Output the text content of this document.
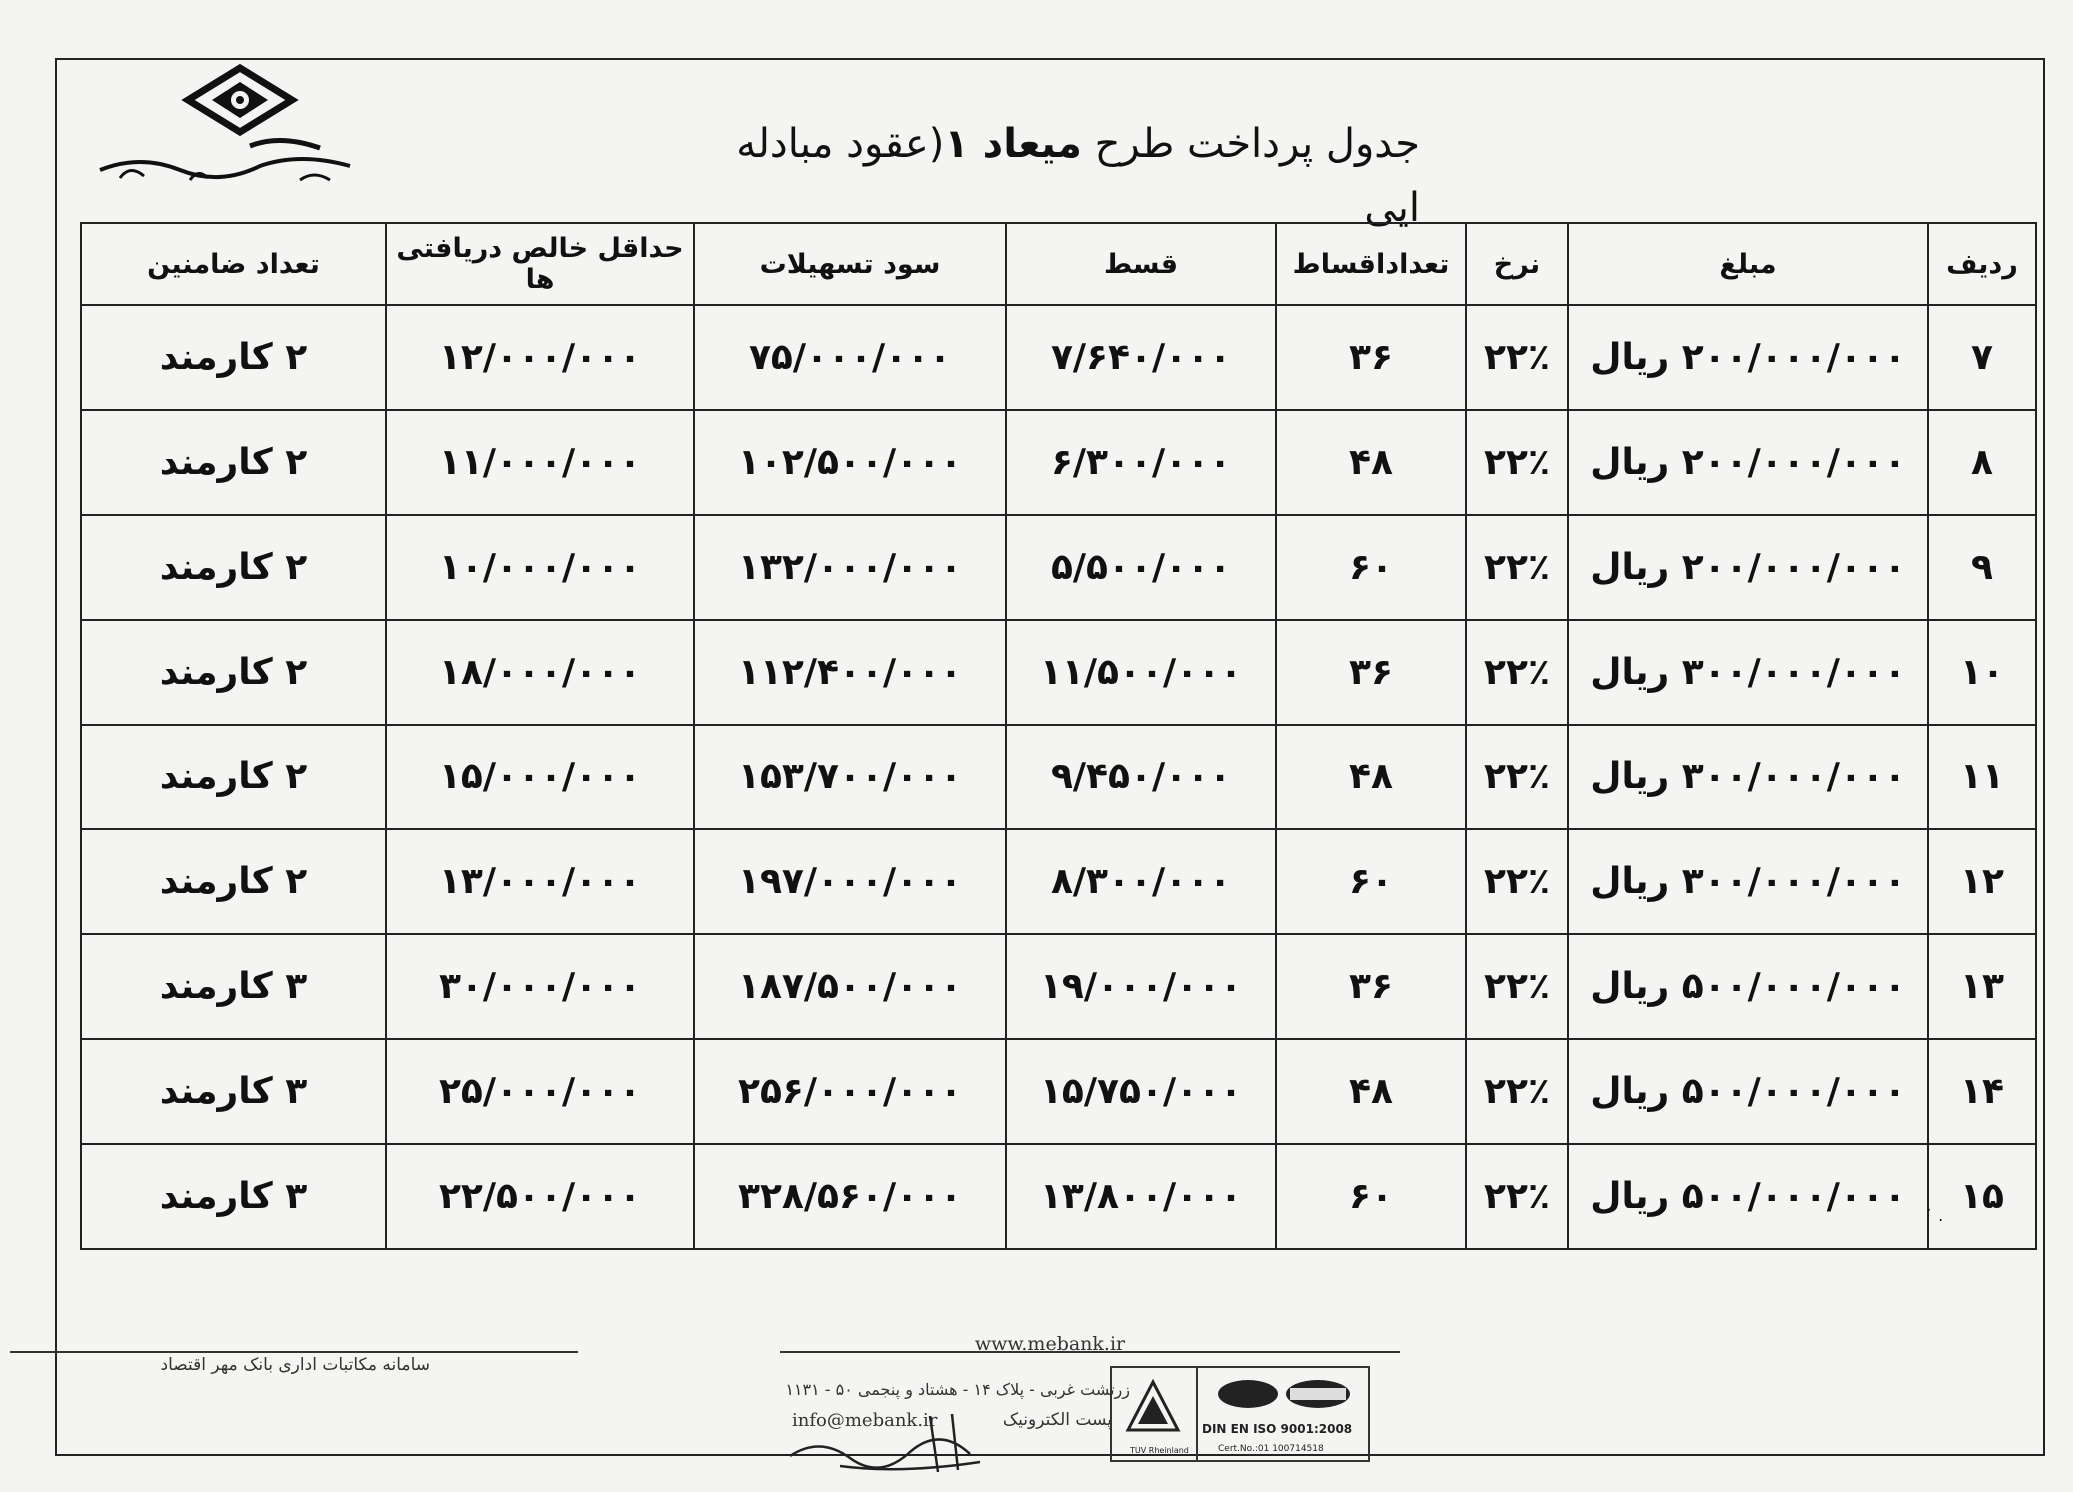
جدول پرداخت طرح میعاد ۱(عقود مبادله ایی
ردیف	مبلغ	نرخ	تعداداقساط	قسط	سود تسهیلات	حداقل خالص دریافتی ها	تعداد ضامنین
۷	۲۰۰/۰۰۰/۰۰۰ ریال	۲۲٪	۳۶	۷/۶۴۰/۰۰۰	۷۵/۰۰۰/۰۰۰	۱۲/۰۰۰/۰۰۰	۲ کارمند
۸	۲۰۰/۰۰۰/۰۰۰ ریال	۲۲٪	۴۸	۶/۳۰۰/۰۰۰	۱۰۲/۵۰۰/۰۰۰	۱۱/۰۰۰/۰۰۰	۲ کارمند
۹	۲۰۰/۰۰۰/۰۰۰ ریال	۲۲٪	۶۰	۵/۵۰۰/۰۰۰	۱۳۲/۰۰۰/۰۰۰	۱۰/۰۰۰/۰۰۰	۲ کارمند
۱۰	۳۰۰/۰۰۰/۰۰۰ ریال	۲۲٪	۳۶	۱۱/۵۰۰/۰۰۰	۱۱۲/۴۰۰/۰۰۰	۱۸/۰۰۰/۰۰۰	۲ کارمند
۱۱	۳۰۰/۰۰۰/۰۰۰ ریال	۲۲٪	۴۸	۹/۴۵۰/۰۰۰	۱۵۳/۷۰۰/۰۰۰	۱۵/۰۰۰/۰۰۰	۲ کارمند
۱۲	۳۰۰/۰۰۰/۰۰۰ ریال	۲۲٪	۶۰	۸/۳۰۰/۰۰۰	۱۹۷/۰۰۰/۰۰۰	۱۳/۰۰۰/۰۰۰	۲ کارمند
۱۳	۵۰۰/۰۰۰/۰۰۰ ریال	۲۲٪	۳۶	۱۹/۰۰۰/۰۰۰	۱۸۷/۵۰۰/۰۰۰	۳۰/۰۰۰/۰۰۰	۳ کارمند
۱۴	۵۰۰/۰۰۰/۰۰۰ ریال	۲۲٪	۴۸	۱۵/۷۵۰/۰۰۰	۲۵۶/۰۰۰/۰۰۰	۲۵/۰۰۰/۰۰۰	۳ کارمند
۱۵	۵۰۰/۰۰۰/۰۰۰ ریال	۲۲٪	۶۰	۱۳/۸۰۰/۰۰۰	۳۲۸/۵۶۰/۰۰۰	۲۲/۵۰۰/۰۰۰	۳ کارمند	˙ .
سامانه مکاتبات اداری بانک مهر اقتصاد
www.mebank.ir
زرتشت غربی - پلاک ۱۴ - هشتاد و پنجمی ۵۰ - ۱۱۳۱
پست الکترونیک
info@mebank.ir
TUV Rheinland
DIN EN ISO 9001:2008
Cert.No.:01 100714518
